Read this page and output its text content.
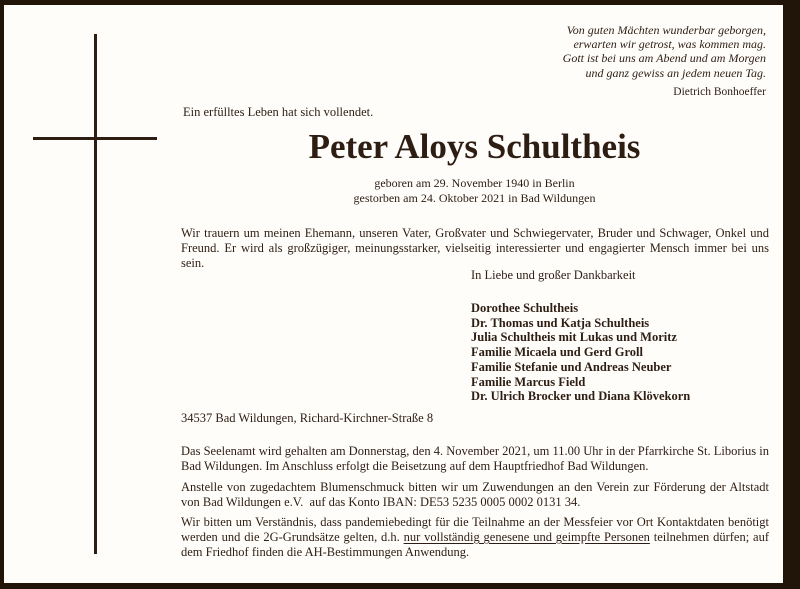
Von guten Mächten wunderbar geborgen,
erwarten wir getrost, was kommen mag.
Gott ist bei uns am Abend und am Morgen
und ganz gewiss an jedem neuen Tag.
Dietrich Bonhoeffer
Ein erfülltes Leben hat sich vollendet.
Peter Aloys Schultheis
geboren am 29. November 1940 in Berlin
gestorben am 24. Oktober 2021 in Bad Wildungen
Wir trauern um meinen Ehemann, unseren Vater, Großvater und Schwiegervater, Bruder und Schwager, Onkel und Freund. Er wird als großzügiger, meinungsstarker, vielseitig interessierter und engagierter Mensch immer bei uns sein.
In Liebe und großer Dankbarkeit
Dorothee Schultheis
Dr. Thomas und Katja Schultheis
Julia Schultheis mit Lukas und Moritz
Familie Micaela und Gerd Groll
Familie Stefanie und Andreas Neuber
Familie Marcus Field
Dr. Ulrich Brocker und Diana Klövekorn
34537 Bad Wildungen, Richard-Kirchner-Straße 8
Das Seelenamt wird gehalten am Donnerstag, den 4. November 2021, um 11.00 Uhr in der Pfarrkirche St. Liborius in Bad Wildungen. Im Anschluss erfolgt die Beisetzung auf dem Hauptfriedhof Bad Wildungen.
Anstelle von zugedachtem Blumenschmuck bitten wir um Zuwendungen an den Verein zur Förderung der Altstadt von Bad Wildungen e.V.  auf das Konto IBAN: DE53 5235 0005 0002 0131 34.
Wir bitten um Verständnis, dass pandemiebedingt für die Teilnahme an der Messfeier vor Ort Kontaktdaten benötigt werden und die 2G-Grundsätze gelten, d.h. nur vollständig genesene und geimpfte Personen teilnehmen dürfen; auf dem Friedhof finden die AH-Bestimmungen Anwendung.
